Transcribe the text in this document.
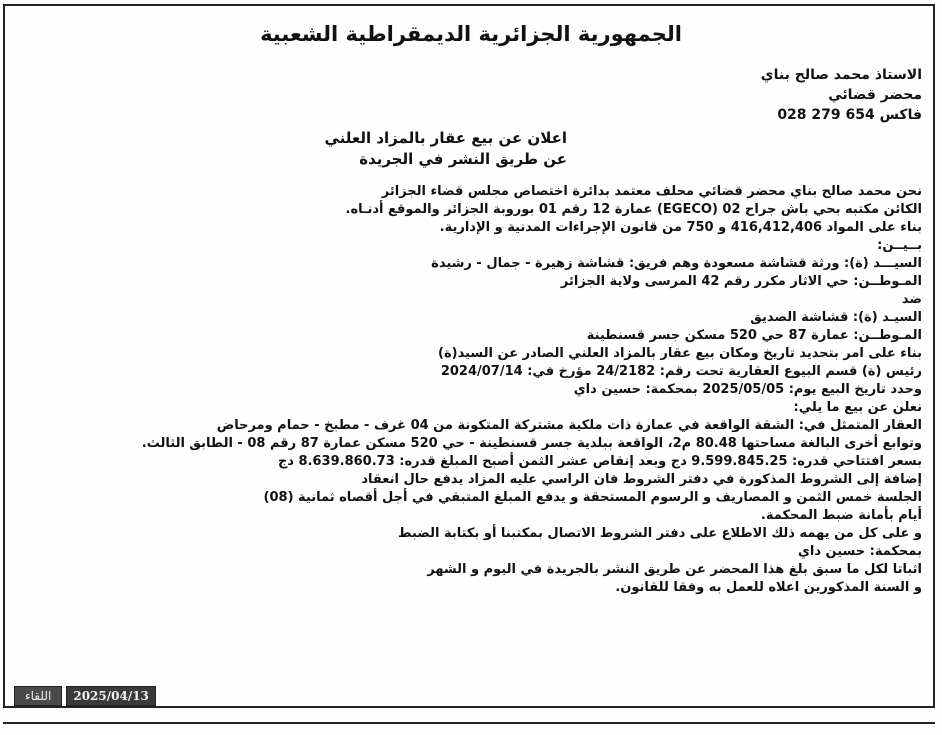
الجمهورية الجزائرية الديمقراطية الشعبية
الاستاذ محمد صالح بناي
محضر قضائي
فاكس 654 279 028
اعلان عن بيع عقار بالمزاد العلني
عن طريق النشر في الجريدة
نحن محمد صالح بناي محضر قضائي محلف معتمد بدائرة اختصاص مجلس قضاء الجزائر
الكائن مكتبه بحي باش جراح 02 (EGECO) عمارة 12 رقم 01 بوروبة الجزائر والموقع أدنـاه.
بناء على المواد 416,412,406 و 750 من قانون الإجراءات المدنية و الإدارية.
بــيــن:
السيـــد (ة): ورثة قشاشة مسعودة وهم فريق: قشاشة زهيرة - جمال - رشيدة
المـوطــن: حي الاثار مكرر رقم 42 المرسى ولاية الجزائر
ضد
السيـد (ة): قشاشة الصديق
المـوطــن: عمارة 87 حي 520 مسكن جسر قسنطينة
بناء على امر بتحديد تاريخ ومكان بيع عقار بالمزاد العلني الصادر عن السيد(ة)
رئيس (ة) قسم البيوع العقارية تحت رقم: 24/2182 مؤرخ في: 2024/07/14
وحدد تاريخ البيع يوم: 2025/05/05 بمحكمة: حسين داي
نعلن عن بيع ما يلي:
العقار المتمثل في: الشقة الواقعة في عمارة ذات ملكية مشتركة المتكونة من 04 غرف - مطبخ - حمام ومرحاض
وتوابع أخرى البالغة مساحتها 80.48 م2، الواقعة ببلدية جسر قسنطينة - حي 520 مسكن عمارة 87 رقم 08 - الطابق الثالث.
بسعر افتتاحي قدره: 9.599.845.25 دج وبعد إنقاص عشر الثمن أصبح المبلغ قدره: 8.639.860.73 دج
إضافة إلى الشروط المذكورة في دفتر الشروط فان الراسي عليه المزاد يدفع حال انعقاد
الجلسة خمس الثمن و المصاريف و الرسوم المستحقة و يدفع المبلغ المتبقي في أجل أقصاه ثمانية (08)
أيام بأمانة ضبط المحكمة.
و على كل من يهمه ذلك الاطلاع على دفتر الشروط الاتصال بمكتبنا أو بكتابة الضبط
بمحكمة: حسين داي
اثباتا لكل ما سبق بلغ هذا المحضر عن طريق النشر بالجريدة في اليوم و الشهر
و السنة المذكورين اعلاه للعمل به وفقا للقانون.
اللقاء	2025/04/13
